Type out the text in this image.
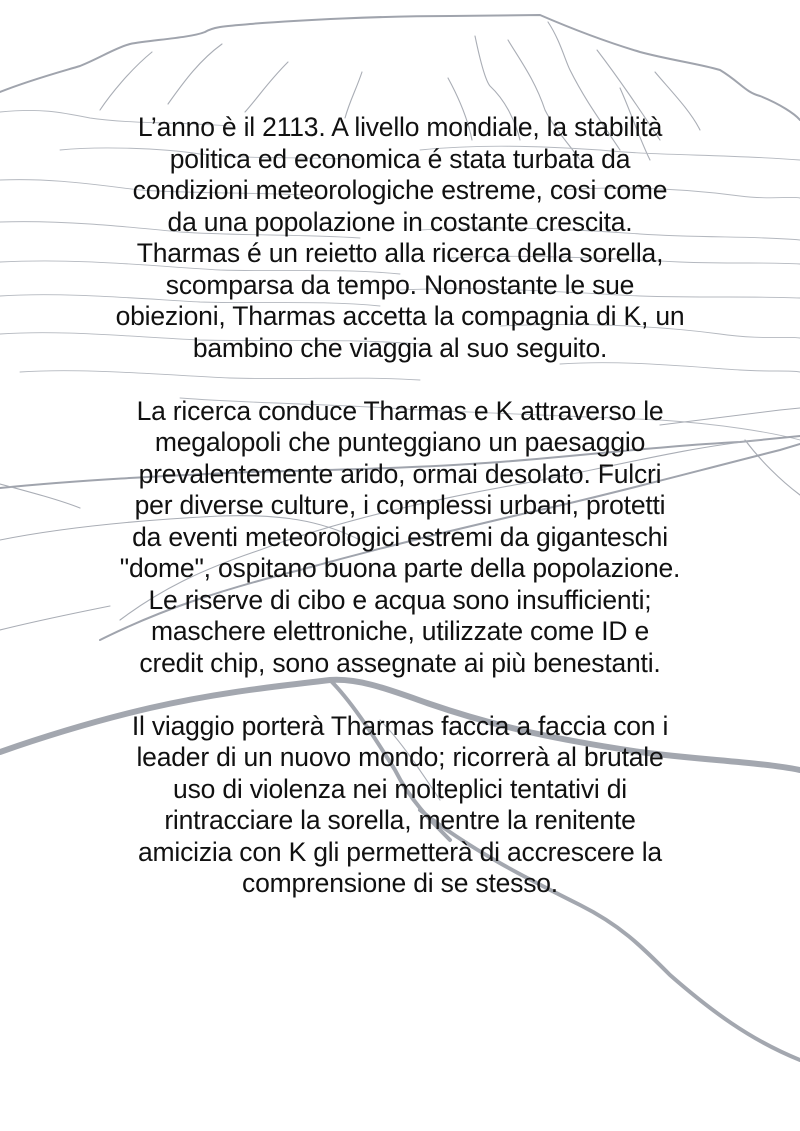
L’anno è il 2113. A livello mondiale, la stabilità
politica ed economica é stata turbata da
condizioni meteorologiche estreme, cosi come
da una popolazione in costante crescita.
Tharmas é un reietto alla ricerca della sorella,
scomparsa da tempo. Nonostante le sue
obiezioni, Tharmas accetta la compagnia di K, un
bambino che viaggia al suo seguito.

La ricerca conduce Tharmas e K attraverso le
megalopoli che punteggiano un paesaggio
prevalentemente arido, ormai desolato. Fulcri
per diverse culture, i complessi urbani, protetti
da eventi meteorologici estremi da giganteschi
"dome", ospitano buona parte della popolazione.
Le riserve di cibo e acqua sono insufficienti;
maschere elettroniche, utilizzate come ID e
credit chip, sono assegnate ai più benestanti.

Il viaggio porterà Tharmas faccia a faccia con i
leader di un nuovo mondo; ricorrerà al brutale
uso di violenza nei molteplici tentativi di
rintracciare la sorella, mentre la renitente
amicizia con K gli permetterà di accrescere la
comprensione di se stesso.
